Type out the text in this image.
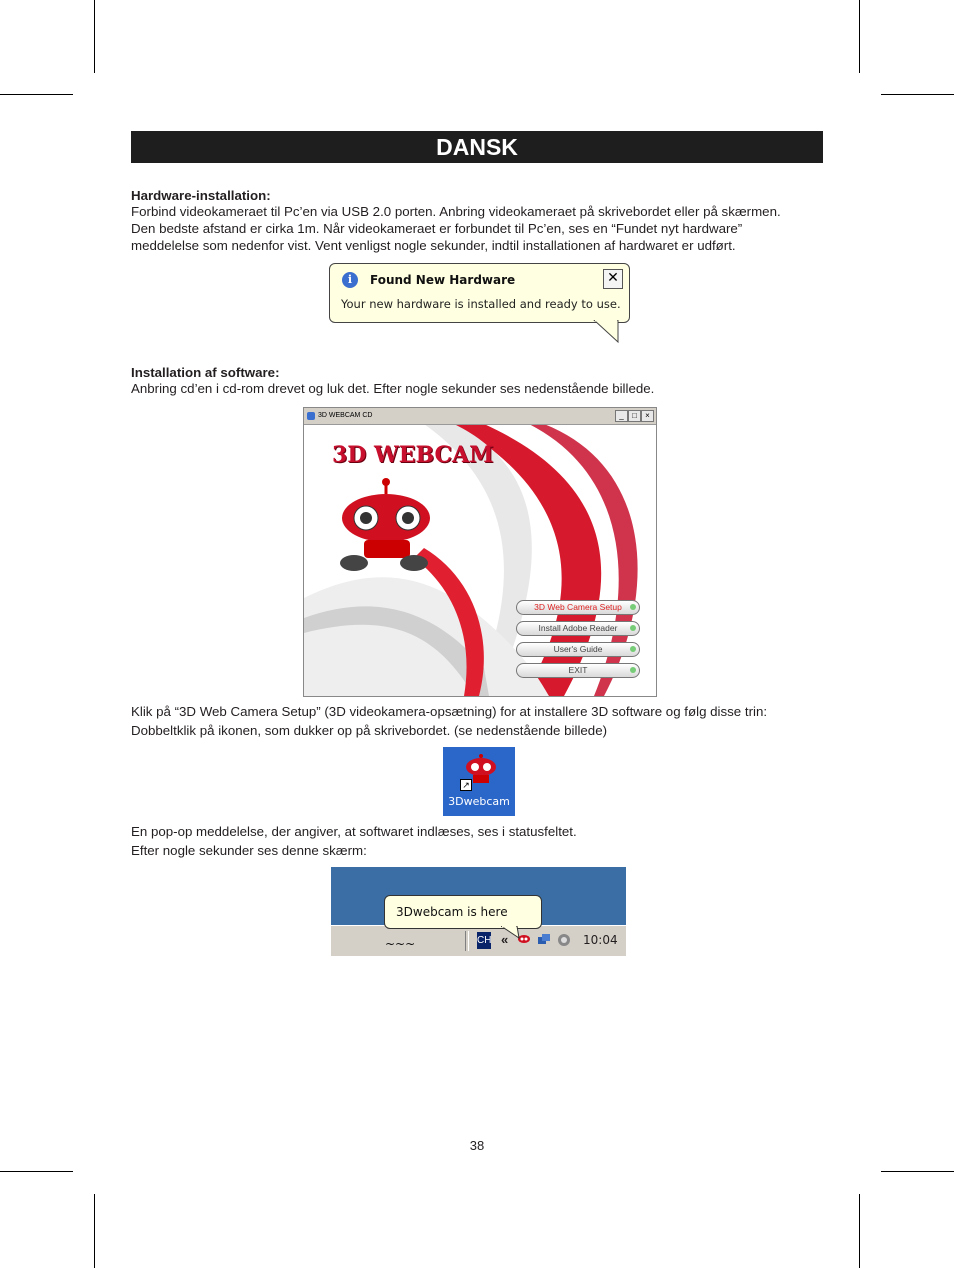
DANSK
Hardware-installation:
Forbind videokameraet til Pc’en via USB 2.0 porten. Anbring videokameraet på skrivebordet eller på skærmen.
Den bedste afstand er cirka 1m. Når videokameraet er forbundet til Pc’en, ses en “Fundet nyt hardware”
meddelelse som nedenfor vist. Vent venligst nogle sekunder, indtil installationen af hardwaret er udført.
i	Found New Hardware	✕
Your new hardware is installed and ready to use.
Installation af software:
Anbring cd’en i cd-rom drevet og luk det. Efter nogle sekunder ses nedenstående billede.
3D WEBCAM CD	_	□	×
3D WEBCAM
3D Web Camera Setup
Install Adobe Reader
User's Guide
EXIT
Klik på “3D Web Camera Setup” (3D videokamera-opsætning) for at installere 3D software og følg disse trin:
Dobbeltklik på ikonen, som dukker op på skrivebordet. (se nedenstående billede)
↗
3Dwebcam
En pop-op meddelelse, der angiver, at softwaret indlæses, ses i statusfeltet.
Efter nogle sekunder ses denne skærm:
CH «	10:04
3Dwebcam is here ~~~
38
